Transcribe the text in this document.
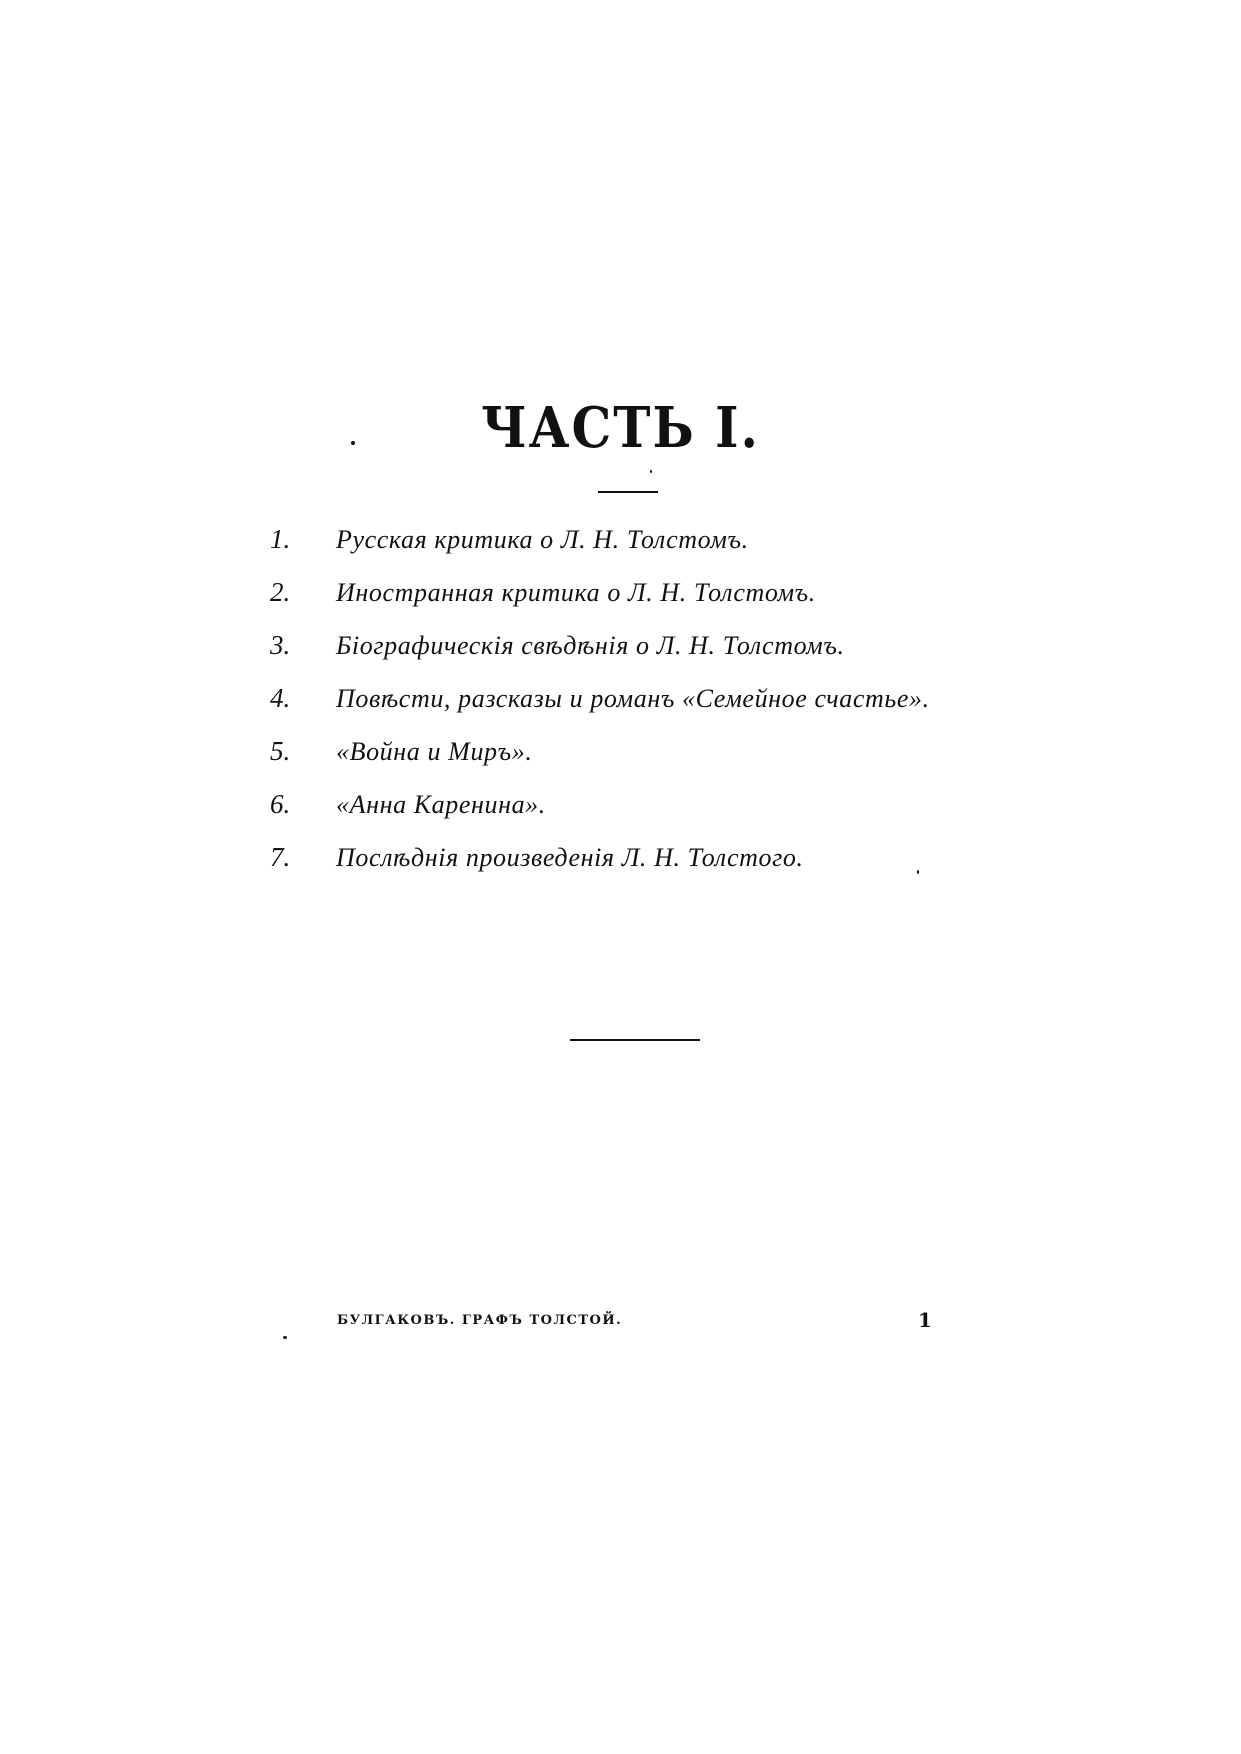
ЧАСТЬ I.
1.	Русская критика о Л. Н. Толстомъ.
2.	Иностранная критика о Л. Н. Толстомъ.
3.	Біографическія свѣдѣнія о Л. Н. Толстомъ.
4.	Повѣсти, разсказы и романъ «Семейное счастье».
5.	«Война и Миръ».
6.	«Анна Каренина».
7.	Послѣднія произведенія Л. Н. Толстого.
БУЛГАКОВЪ. ГРАФЪ ТОЛСТОЙ.	1
